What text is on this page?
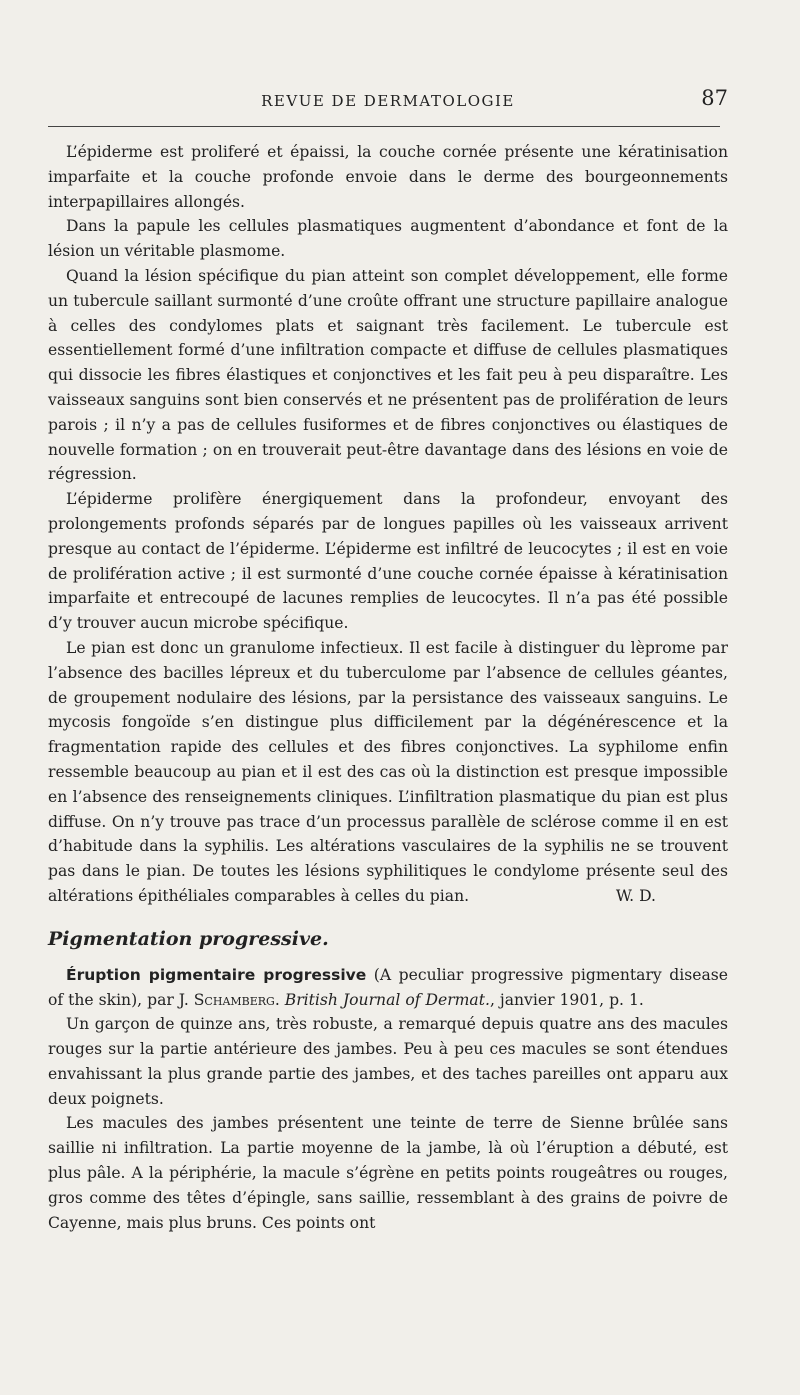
REVUE DE DERMATOLOGIE	87

L’épiderme est proliferé et épaissi, la couche cornée présente une kératinisation imparfaite et la couche profonde envoie dans le derme des bourgeonnements interpapillaires allongés.

Dans la papule les cellules plasmatiques augmentent d’abondance et font de la lésion un véritable plasmome.

Quand la lésion spécifique du pian atteint son complet développement, elle forme un tubercule saillant surmonté d’une croûte offrant une structure papillaire analogue à celles des condylomes plats et saignant très facilement. Le tubercule est essentiellement formé d’une infiltration compacte et diffuse de cellules plasmatiques qui dissocie les fibres élastiques et conjonctives et les fait peu à peu disparaître. Les vaisseaux sanguins sont bien conservés et ne présentent pas de prolifération de leurs parois ; il n’y a pas de cellules fusiformes et de fibres conjonctives ou élastiques de nouvelle formation ; on en trouverait peut-être davantage dans des lésions en voie de régression.

L’épiderme prolifère énergiquement dans la profondeur, envoyant des prolongements profonds séparés par de longues papilles où les vaisseaux arrivent presque au contact de l’épiderme. L’épiderme est infiltré de leucocytes ; il est en voie de prolifération active ; il est surmonté d’une couche cornée épaisse à kératinisation imparfaite et entrecoupé de lacunes remplies de leucocytes. Il n’a pas été possible d’y trouver aucun microbe spécifique.

Le pian est donc un granulome infectieux. Il est facile à distinguer du lèprome par l’absence des bacilles lépreux et du tuberculome par l’absence de cellules géantes, de groupement nodulaire des lésions, par la persistance des vaisseaux sanguins. Le mycosis fongoïde s’en distingue plus difficilement par la dégénérescence et la fragmentation rapide des cellules et des fibres conjonctives. La syphilome enfin ressemble beaucoup au pian et il est des cas où la distinction est presque impossible en l’absence des renseignements cliniques. L’infiltration plasmatique du pian est plus diffuse. On n’y trouve pas trace d’un processus parallèle de sclérose comme il en est d’habitude dans la syphilis. Les altérations vasculaires de la syphilis ne se trouvent pas dans le pian. De toutes les lésions syphilitiques le condylome présente seul des altérations épithéliales comparables à celles du pian.	W. D.

Pigmentation progressive.

Éruption pigmentaire progressive (A peculiar progressive pigmentary disease of the skin), par J. Schamberg. British Journal of Dermat., janvier 1901, p. 1.

Un garçon de quinze ans, très robuste, a remarqué depuis quatre ans des macules rouges sur la partie antérieure des jambes. Peu à peu ces macules se sont étendues envahissant la plus grande partie des jambes, et des taches pareilles ont apparu aux deux poignets.

Les macules des jambes présentent une teinte de terre de Sienne brûlée sans saillie ni infiltration. La partie moyenne de la jambe, là où l’éruption a débuté, est plus pâle. A la périphérie, la macule s’égrène en petits points rougeâtres ou rouges, gros comme des têtes d’épingle, sans saillie, ressemblant à des grains de poivre de Cayenne, mais plus bruns. Ces points ont
